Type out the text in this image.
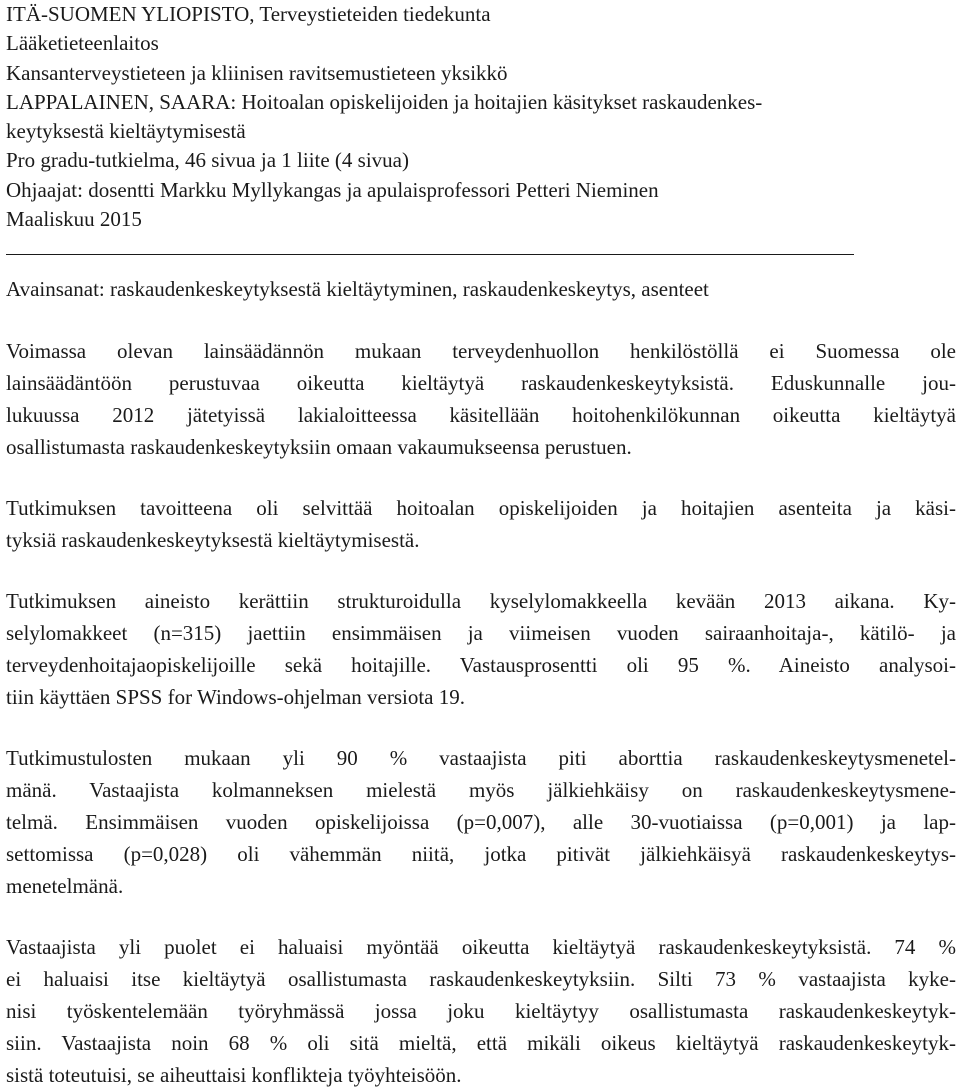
ITÄ-SUOMEN YLIOPISTO, Terveystieteiden tiedekunta
Lääketieteenlaitos
Kansanterveystieteen ja kliinisen ravitsemustieteen yksikkö
LAPPALAINEN, SAARA: Hoitoalan opiskelijoiden ja hoitajien käsitykset raskaudenkes-
keytyksestä kieltäytymisestä
Pro gradu-tutkielma, 46 sivua ja 1 liite (4 sivua)
Ohjaajat: dosentti Markku Myllykangas ja apulaisprofessori Petteri Nieminen
Maaliskuu 2015
Avainsanat: raskaudenkeskeytyksestä kieltäytyminen, raskaudenkeskeytys, asenteet
Voimassa olevan lainsäädännön mukaan terveydenhuollon henkilöstöllä ei Suomessa ole
lainsäädäntöön perustuvaa oikeutta kieltäytyä raskaudenkeskeytyksistä. Eduskunnalle jou-
lukuussa 2012 jätetyissä lakialoitteessa käsitellään hoitohenkilökunnan oikeutta kieltäytyä
osallistumasta raskaudenkeskeytyksiin omaan vakaumukseensa perustuen.
Tutkimuksen tavoitteena oli selvittää hoitoalan opiskelijoiden ja hoitajien asenteita ja käsi-
tyksiä raskaudenkeskeytyksestä kieltäytymisestä.
Tutkimuksen aineisto kerättiin strukturoidulla kyselylomakkeella kevään 2013 aikana. Ky-
selylomakkeet (n=315) jaettiin ensimmäisen ja viimeisen vuoden sairaanhoitaja-, kätilö- ja
terveydenhoitajaopiskelijoille sekä hoitajille. Vastausprosentti oli 95 %. Aineisto analysoi-
tiin käyttäen SPSS for Windows-ohjelman versiota 19.
Tutkimustulosten mukaan yli 90 % vastaajista piti aborttia raskaudenkeskeytysmenetel-
mänä. Vastaajista kolmanneksen mielestä myös jälkiehkäisy on raskaudenkeskeytysmene-
telmä. Ensimmäisen vuoden opiskelijoissa (p=0,007), alle 30-vuotiaissa (p=0,001) ja lap-
settomissa (p=0,028) oli vähemmän niitä, jotka pitivät jälkiehkäisyä raskaudenkeskeytys-
menetelmänä.
Vastaajista yli puolet ei haluaisi myöntää oikeutta kieltäytyä raskaudenkeskeytyksistä. 74 %
ei haluaisi itse kieltäytyä osallistumasta raskaudenkeskeytyksiin. Silti 73 % vastaajista kyke-
nisi työskentelemään työryhmässä jossa joku kieltäytyy osallistumasta raskaudenkeskeytyk-
siin. Vastaajista noin 68 % oli sitä mieltä, että mikäli oikeus kieltäytyä raskaudenkeskeytyk-
sistä toteutuisi, se aiheuttaisi konflikteja työyhteisöön.
